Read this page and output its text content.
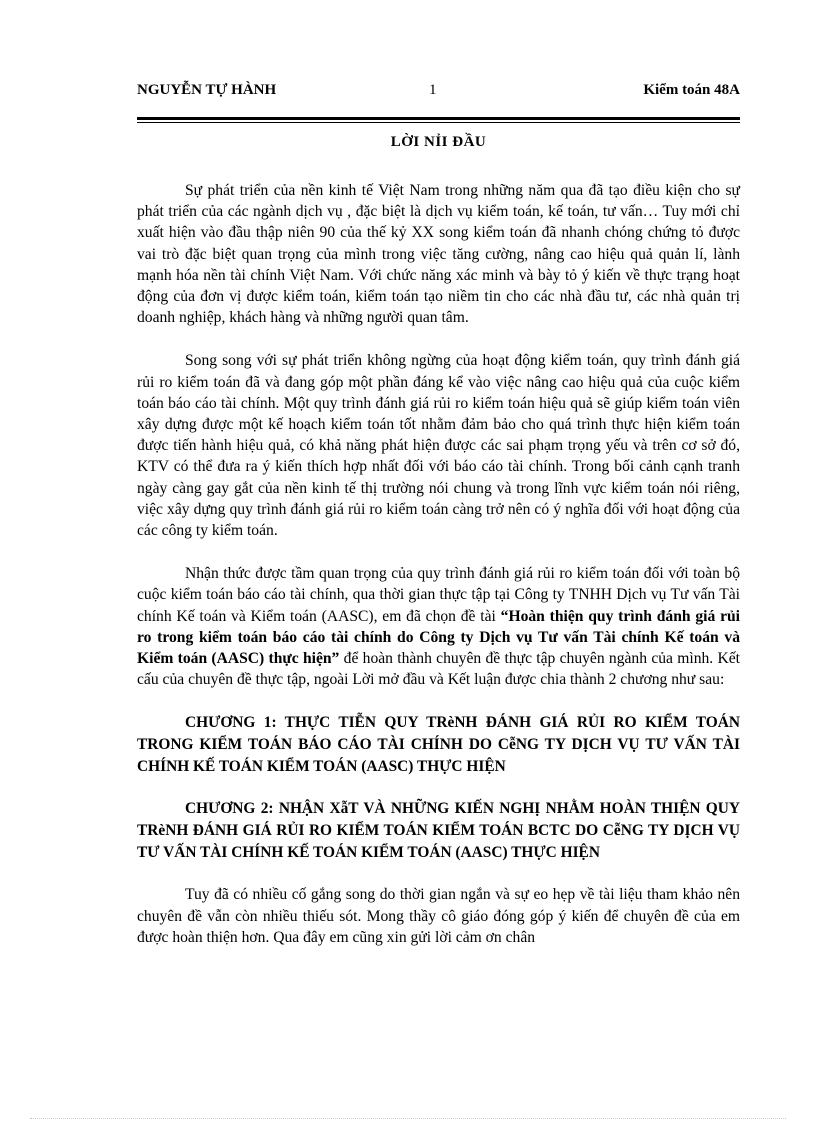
NGUYỄN TỰ HÀNH	1	Kiểm toán 48A
LỜI NỈI ĐẦU

Sự phát triển của nền kinh tế Việt Nam trong những năm qua đã tạo điều kiện cho sự phát triển của các ngành dịch vụ , đặc biệt là dịch vụ kiểm toán, kế toán, tư vấn… Tuy mới chỉ xuất hiện vào đầu thập niên 90 của thế kỷ XX song kiểm toán đã nhanh chóng chứng tỏ được vai trò đặc biệt quan trọng của mình trong việc tăng cường, nâng cao hiệu quả quản lí, lành mạnh hóa nền tài chính Việt Nam. Với chức năng xác minh và bày tỏ ý kiến về thực trạng hoạt động của đơn vị được kiểm toán, kiểm toán tạo niềm tin cho các nhà đầu tư, các nhà quản trị doanh nghiệp, khách hàng và những người quan tâm.

Song song với sự phát triển không ngừng của hoạt động kiểm toán, quy trình đánh giá rủi ro kiểm toán đã và đang góp một phần đáng kể vào việc nâng cao hiệu quả của cuộc kiểm toán báo cáo tài chính. Một quy trình đánh giá rủi ro kiểm toán hiệu quả sẽ giúp kiểm toán viên xây dựng được một kế hoạch kiểm toán tốt nhằm đảm bảo cho quá trình thực hiện kiểm toán được tiến hành hiệu quả, có khả năng phát hiện được các sai phạm trọng yếu và trên cơ sở đó, KTV có thể đưa ra ý kiến thích hợp nhất đối với báo cáo tài chính. Trong bối cảnh cạnh tranh ngày càng gay gắt của nền kinh tế thị trường nói chung và trong lĩnh vực kiểm toán nói riêng, việc xây dựng quy trình đánh giá rủi ro kiểm toán càng trở nên có ý nghĩa đối với hoạt động của các công ty kiểm toán.

Nhận thức được tầm quan trọng của quy trình đánh giá rủi ro kiểm toán đối với toàn bộ cuộc kiểm toán báo cáo tài chính, qua thời gian thực tập tại Công ty TNHH Dịch vụ Tư vấn Tài chính Kế toán và Kiểm toán (AASC), em đã chọn đề tài “Hoàn thiện quy trình đánh giá rủi ro trong kiểm toán báo cáo tài chính do Công ty Dịch vụ Tư vấn Tài chính Kế toán và Kiểm toán (AASC) thực hiện” để hoàn thành chuyên đề thực tập chuyên ngành của mình. Kết cấu của chuyên đề thực tập, ngoài Lời mở đầu và Kết luận được chia thành 2 chương như sau:

CHƯƠNG 1: THỰC TIỄN QUY TRèNH ĐÁNH GIÁ RỦI RO KIỂM TOÁN TRONG KIỂM TOÁN BÁO CÁO TÀI CHÍNH DO CễNG TY DỊCH VỤ TƯ VẤN TÀI CHÍNH KẾ TOÁN KIỂM TOÁN (AASC) THỰC HIỆN

CHƯƠNG 2: NHẬN XẫT VÀ NHỮNG KIẾN NGHỊ NHẰM HOÀN THIỆN QUY TRèNH ĐÁNH GIÁ RỦI RO KIỂM TOÁN KIỂM TOÁN BCTC DO CễNG TY DỊCH VỤ TƯ VẤN TÀI CHÍNH KẾ TOÁN KIỂM TOÁN (AASC) THỰC HIỆN

Tuy đã có nhiều cố gắng song do thời gian ngắn và sự eo hẹp về tài liệu tham khảo nên chuyên đề vẫn còn nhiều thiếu sót. Mong thầy cô giáo đóng góp ý kiến để chuyên đề của em được hoàn thiện hơn. Qua đây em cũng xin gửi lời cảm ơn chân
